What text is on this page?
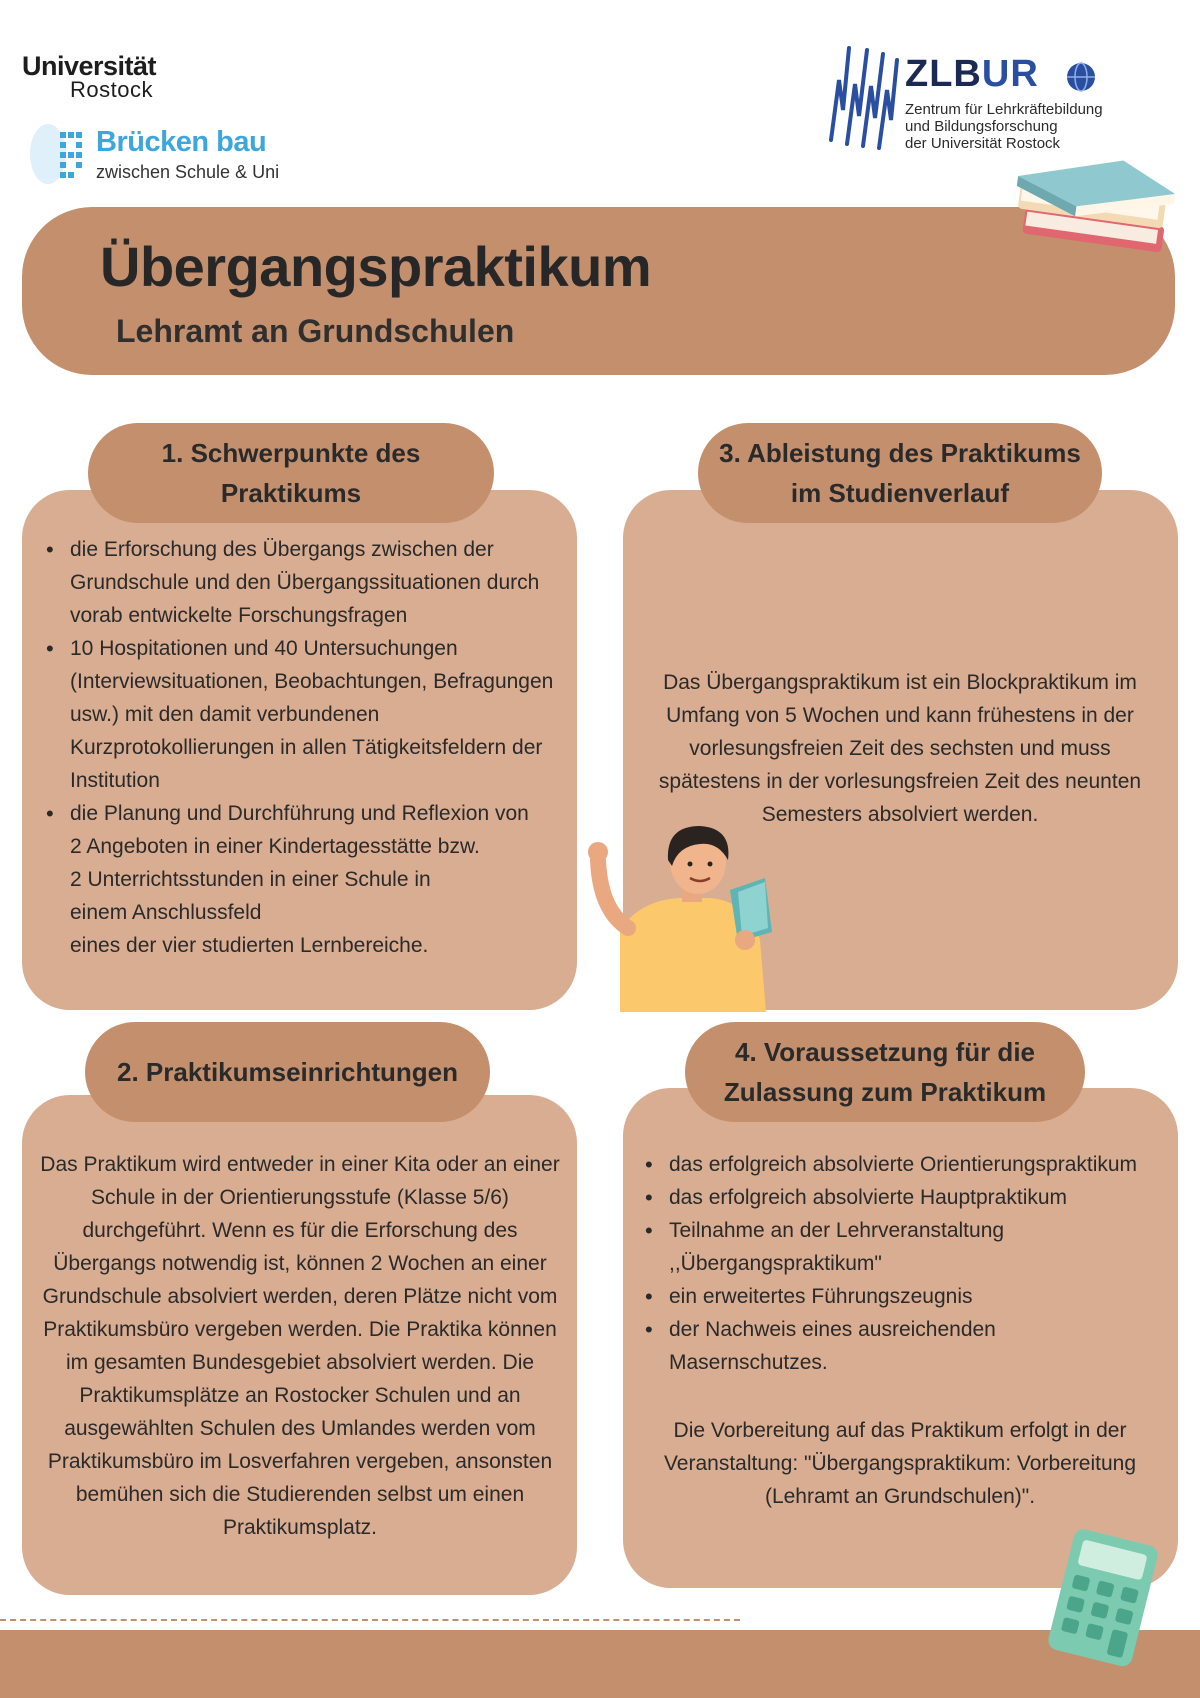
Universität
Rostock
Brücken bau
zwischen Schule & Uni
ZLBUR
Zentrum für Lehrkräftebildung
und Bildungsforschung
der Universität Rostock
Übergangspraktikum
Lehramt an Grundschulen
1. Schwerpunkte des
Praktikums
• die Erforschung des Übergangs zwischen der Grundschule und den Übergangssituationen durch vorab entwickelte Forschungsfragen
• 10 Hospitationen und 40 Untersuchungen (Interviewsituationen, Beobachtungen, Befragungen usw.) mit den damit verbundenen Kurzprotokollierungen in allen Tätigkeitsfeldern der Institution
• die Planung und Durchführung und Reflexion von
2 Angeboten in einer Kindertagesstätte bzw.
2 Unterrichtsstunden in einer Schule in
einem Anschlussfeld
eines der vier studierten Lernbereiche.
3. Ableistung des Praktikums
im Studienverlauf
Das Übergangspraktikum ist ein Blockpraktikum im Umfang von 5 Wochen und kann frühestens in der vorlesungsfreien Zeit des sechsten und muss spätestens in der vorlesungsfreien Zeit des neunten Semesters absolviert werden.
2. Praktikumseinrichtungen
Das Praktikum wird entweder in einer Kita oder an einer Schule in der Orientierungsstufe (Klasse 5/6) durchgeführt. Wenn es für die Erforschung des Übergangs notwendig ist, können 2 Wochen an einer Grundschule absolviert werden, deren Plätze nicht vom Praktikumsbüro vergeben werden. Die Praktika können im gesamten Bundesgebiet absolviert werden. Die Praktikumsplätze an Rostocker Schulen und an ausgewählten Schulen des Umlandes werden vom Praktikumsbüro im Losverfahren vergeben, ansonsten bemühen sich die Studierenden selbst um einen Praktikumsplatz.
4. Voraussetzung für die
Zulassung zum Praktikum
• das erfolgreich absolvierte Orientierungspraktikum
• das erfolgreich absolvierte Hauptpraktikum
• Teilnahme an der Lehrveranstaltung ,,Übergangspraktikum"
• ein erweitertes Führungszeugnis
• der Nachweis eines ausreichenden Masernschutzes.
Die Vorbereitung auf das Praktikum erfolgt in der Veranstaltung: "Übergangspraktikum: Vorbereitung (Lehramt an Grundschulen)".
